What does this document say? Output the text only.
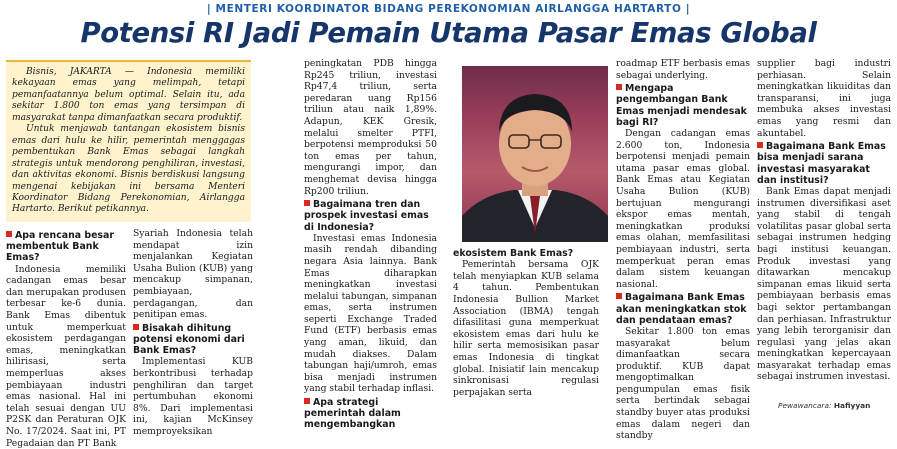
| MENTERI KOORDINATOR BIDANG PEREKONOMIAN AIRLANGGA HARTARTO |
Potensi RI Jadi Pemain Utama Pasar Emas Global

Bisnis, JAKARTA — Indonesia memiliki kekayaan emas yang melimpah, tetapi pemanfaatannya belum optimal. Selain itu, ada sekitar 1.800 ton emas yang tersimpan di masyarakat tanpa dimanfaatkan secara produktif.

Untuk menjawab tantangan ekosistem bisnis emas dari hulu ke hilir, pemerintah menggagas pembentukan Bank Emas sebagai langkah strategis untuk mendorong penghiliran, investasi, dan aktivitas ekonomi. Bisnis berdiskusi langsung mengenai kebijakan ini bersama Menteri Koordinator Bidang Perekonomian, Airlangga Hartarto. Berikut petikannya.

Apa rencana besar membentuk Bank Emas?

Indonesia memiliki cadangan emas besar dan merupakan produsen terbesar ke-6 dunia. Bank Emas dibentuk untuk memperkuat ekosistem perdagangan emas, meningkatkan hilirisasi, serta memperluas akses pembiayaan industri emas nasional. Hal ini telah sesuai dengan UU P2SK dan Peraturan OJK No. 17/2024. Saat ini, PT Pegadaian dan PT Bank

Syariah Indonesia telah mendapat izin menjalankan Kegiatan Usaha Bulion (KUB) yang mencakup simpanan, pembiayaan, perdagangan, dan penitipan emas.

Bisakah dihitung potensi ekonomi dari Bank Emas?

Implementasi KUB berkontribusi terhadap penghiliran dan target pertumbuhan ekonomi 8%. Dari implementasi ini, kajian McKinsey memproyeksikan

peningkatan PDB hingga Rp245 triliun, investasi Rp47,4 triliun, serta peredaran uang Rp156 triliun atau naik 1,89%. Adapun, KEK Gresik, melalui smelter PTFI, berpotensi memproduksi 50 ton emas per tahun, mengurangi impor, dan menghemat devisa hingga Rp200 triliun.

Bagaimana tren dan prospek investasi emas di Indonesia?

Investasi emas Indonesia masih rendah dibanding negara Asia lainnya. Bank Emas diharapkan meningkatkan investasi melalui tabungan, simpanan emas, serta instrumen seperti Exchange Traded Fund (ETF) berbasis emas yang aman, likuid, dan mudah diakses. Dalam tabungan haji/umroh, emas bisa menjadi instrumen yang stabil terhadap inflasi.

Apa strategi pemerintah dalam mengembangkan
ekosistem Bank Emas?

Pemerintah bersama OJK telah menyiapkan KUB selama 4 tahun. Pembentukan Indonesia Bullion Market Association (IBMA) tengah difasilitasi guna memperkuat ekosistem emas dari hulu ke hilir serta memosisikan pasar emas Indonesia di tingkat global. Inisiatif lain mencakup sinkronisasi regulasi perpajakan serta

roadmap ETF berbasis emas sebagai underlying.

Mengapa pengembangan Bank Emas menjadi mendesak bagi RI?

Dengan cadangan emas 2.600 ton, Indonesia berpotensi menjadi pemain utama pasar emas global. Bank Emas atau Kegiatan Usaha Bulion (KUB) bertujuan mengurangi ekspor emas mentah, meningkatkan produksi emas olahan, memfasilitasi pembiayaan industri, serta memperkuat peran emas dalam sistem keuangan nasional.

Bagaimana Bank Emas akan meningkatkan stok dan pendataan emas?

Sekitar 1.800 ton emas masyarakat belum dimanfaatkan secara produktif. KUB dapat mengoptimalkan pengumpulan emas fisik serta bertindak sebagai standby buyer atas produksi emas dalam negeri dan standby

supplier bagi industri perhiasan. Selain meningkatkan likuiditas dan transparansi, ini juga membuka akses investasi emas yang resmi dan akuntabel.

Bagaimana Bank Emas bisa menjadi sarana investasi masyarakat dan institusi?

Bank Emas dapat menjadi instrumen diversifikasi aset yang stabil di tengah volatilitas pasar global serta sebagai instrumen hedging bagi institusi keuangan. Produk investasi yang ditawarkan mencakup simpanan emas likuid serta pembiayaan berbasis emas bagi sektor pertambangan dan perhiasan. Infrastruktur yang lebih terorganisir dan regulasi yang jelas akan meningkatkan kepercayaan masyarakat terhadap emas sebagai instrumen investasi.

Pewawancara: Hafiyyan
